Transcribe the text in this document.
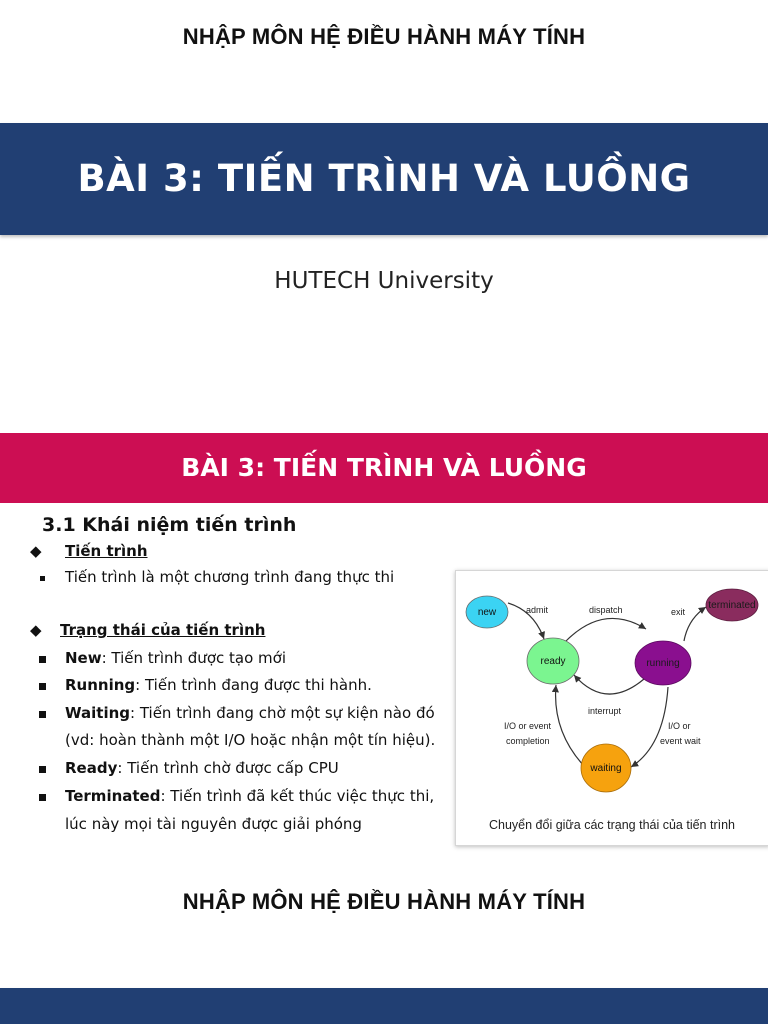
NHẬP MÔN HỆ ĐIỀU HÀNH MÁY TÍNH
BÀI 3: TIẾN TRÌNH VÀ LUỒNG
HUTECH University
BÀI 3: TIẾN TRÌNH VÀ LUỒNG
3.1 Khái niệm tiến trình
◆ Tiến trình
Tiến trình là một chương trình đang thực thi
◆ Trạng thái của tiến trình
New: Tiến trình được tạo mới
Running: Tiến trình đang được thi hành.
Waiting: Tiến trình đang chờ một sự kiện nào đó
(vd: hoàn thành một I/O hoặc nhận một tín hiệu).
Ready: Tiến trình chờ được cấp CPU
Terminated: Tiến trình đã kết thúc việc thực thi,
lúc này mọi tài nguyên được giải phóng
new
ready	running
waiting
terminated
admit	dispatch	exit
interrupt
I/O or event
completion
I/O or
event wait
Chuyển đổi giữa các trạng thái của tiến trình
NHẬP MÔN HỆ ĐIỀU HÀNH MÁY TÍNH
